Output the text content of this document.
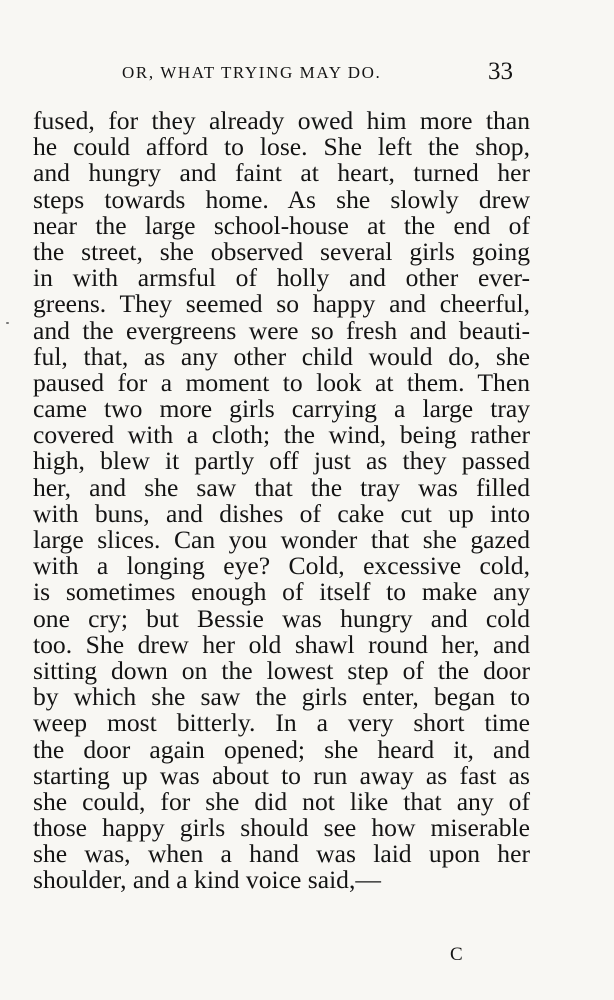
OR, WHAT TRYING MAY DO.	33
fused, for they already owed him more than
he could afford to lose. She left the shop,
and hungry and faint at heart, turned her
steps towards home. As she slowly drew
near the large school-house at the end of
the street, she observed several girls going
in with armsful of holly and other ever-
greens. They seemed so happy and cheerful,
and the evergreens were so fresh and beauti-
ful, that, as any other child would do, she
paused for a moment to look at them. Then
came two more girls carrying a large tray
covered with a cloth; the wind, being rather
high, blew it partly off just as they passed
her, and she saw that the tray was filled
with buns, and dishes of cake cut up into
large slices. Can you wonder that she gazed
with a longing eye? Cold, excessive cold,
is sometimes enough of itself to make any
one cry; but Bessie was hungry and cold
too. She drew her old shawl round her, and
sitting down on the lowest step of the door
by which she saw the girls enter, began to
weep most bitterly. In a very short time
the door again opened; she heard it, and
starting up was about to run away as fast as
she could, for she did not like that any of
those happy girls should see how miserable
she was, when a hand was laid upon her
shoulder, and a kind voice said,—
C
